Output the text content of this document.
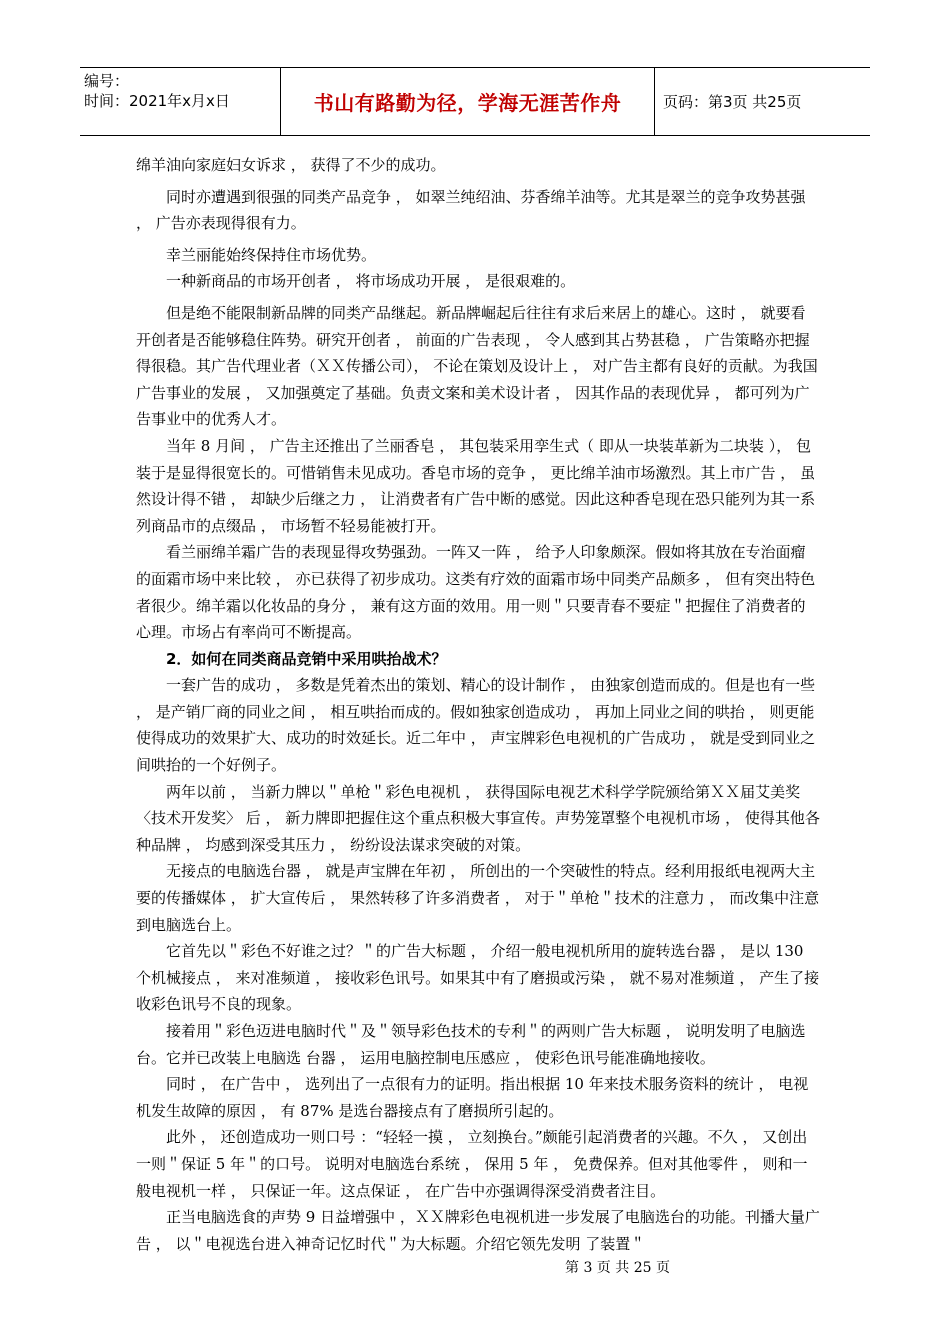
编号：
时间：2021年x月x日	书山有路勤为径，学海无涯苦作舟	页码：第3页 共25页

绵羊油向家庭妇女诉求 ， 获得了不少的成功。

　　同时亦遭遇到很强的同类产品竞争 ， 如翠兰纯绍油、芬香绵羊油等。尤其是翠兰的竞争攻势甚强 ， 广告亦表现得很有力。

　　幸兰丽能始终保持住市场优势。

　　一种新商品的市场开创者 ， 将市场成功开展 ， 是很艰难的。

　　但是绝不能限制新品牌的同类产品继起。新品牌崛起后往往有求后来居上的雄心。这时 ， 就要看开创者是否能够稳住阵势。研究开创者 ， 前面的广告表现 ， 令人感到其占势甚稳 ， 广告策略亦把握得很稳。其广告代理业者（ＸＸ传播公司）， 不论在策划及设计上 ， 对广告主都有良好的贡献。为我国广告事业的发展 ， 又加强奠定了基础。负责文案和美术设计者 ， 因其作品的表现优异 ， 都可列为广告事业中的优秀人才。

　　当年 8 月间 ， 广告主还推出了兰丽香皂 ， 其包装采用孪生式（ 即从一块装革新为二块装 ）， 包装于是显得很宽长的。可惜销售未见成功。香皂市场的竞争 ， 更比绵羊油市场激烈。其上市广告 ， 虽然设计得不错 ， 却缺少后继之力 ， 让消费者有广告中断的感觉。因此这种香皂现在恐只能列为其一系列商品市的点缀品 ， 市场暂不轻易能被打开。

　　看兰丽绵羊霜广告的表现显得攻势强劲。一阵又一阵 ， 给予人印象颇深。假如将其放在专治面瘤的面霜市场中来比较 ， 亦已获得了初步成功。这类有疗效的面霜市场中同类产品颇多 ， 但有突出特色者很少。绵羊霜以化妆品的身分 ， 兼有这方面的效用。用一则＂只要青春不要症＂把握住了消费者的心理。市场占有率尚可不断提高。

　　2．如何在同类商品竞销中采用哄抬战术？

　　一套广告的成功 ， 多数是凭着杰出的策划、精心的设计制作 ， 由独家创造而成的。但是也有一些 ， 是产销厂商的同业之间 ， 相互哄抬而成的。假如独家创造成功 ， 再加上同业之间的哄抬 ， 则更能使得成功的效果扩大、成功的时效延长。近二年中 ， 声宝牌彩色电视机的广告成功 ， 就是受到同业之间哄抬的一个好例子。

　　两年以前 ， 当新力牌以＂单枪＂彩色电视机 ， 获得国际电视艺术科学学院颁给第ＸＸ届艾美奖〈技术开发奖〉 后 ， 新力牌即把握住这个重点积极大事宣传。声势笼罩整个电视机市场 ， 使得其他各种品牌 ， 均感到深受其压力 ， 纷纷设法谋求突破的对策。

　　无接点的电脑选台器 ， 就是声宝牌在年初 ， 所创出的一个突破性的特点。经利用报纸电视两大主要的传播媒体 ， 扩大宣传后 ， 果然转移了许多消费者 ， 对于＂单枪＂技术的注意力 ， 而改集中注意到电脑选台上。

　　它首先以＂彩色不好谁之过？＂的广告大标题 ， 介绍一般电视机所用的旋转选台器 ， 是以 130 个机械接点 ， 来对准频道 ， 接收彩色讯号。如果其中有了磨损或污染 ， 就不易对准频道 ， 产生了接收彩色讯号不良的现象。

　　接着用＂彩色迈进电脑时代＂及＂领导彩色技术的专利＂的两则广告大标题 ， 说明发明了电脑选台。它并已改装上电脑选 台器 ， 运用电脑控制电压感应 ， 使彩色讯号能准确地接收。

　　同时 ， 在广告中 ， 选列出了一点很有力的证明。指出根据 10 年来技术服务资料的统计 ， 电视机发生故障的原因 ， 有 87% 是选台器接点有了磨损所引起的。

　　此外 ， 还创造成功一则口号 ：“轻轻一摸 ， 立刻换台。”颇能引起消费者的兴趣。不久 ， 又创出一则＂保证 5 年＂的口号。 说明对电脑选台系统 ， 保用 5 年 ， 免费保养。但对其他零件 ， 则和一般电视机一样 ， 只保证一年。这点保证 ， 在广告中亦强调得深受消费者注目。

　　正当电脑选食的声势 9 日益增强中 ，ＸＸ牌彩色电视机进一步发展了电脑选台的功能。刊播大量广告 ， 以＂电视选台进入神奇记忆时代＂为大标题。介绍它领先发明 了装置＂

第 3 页 共 25 页
